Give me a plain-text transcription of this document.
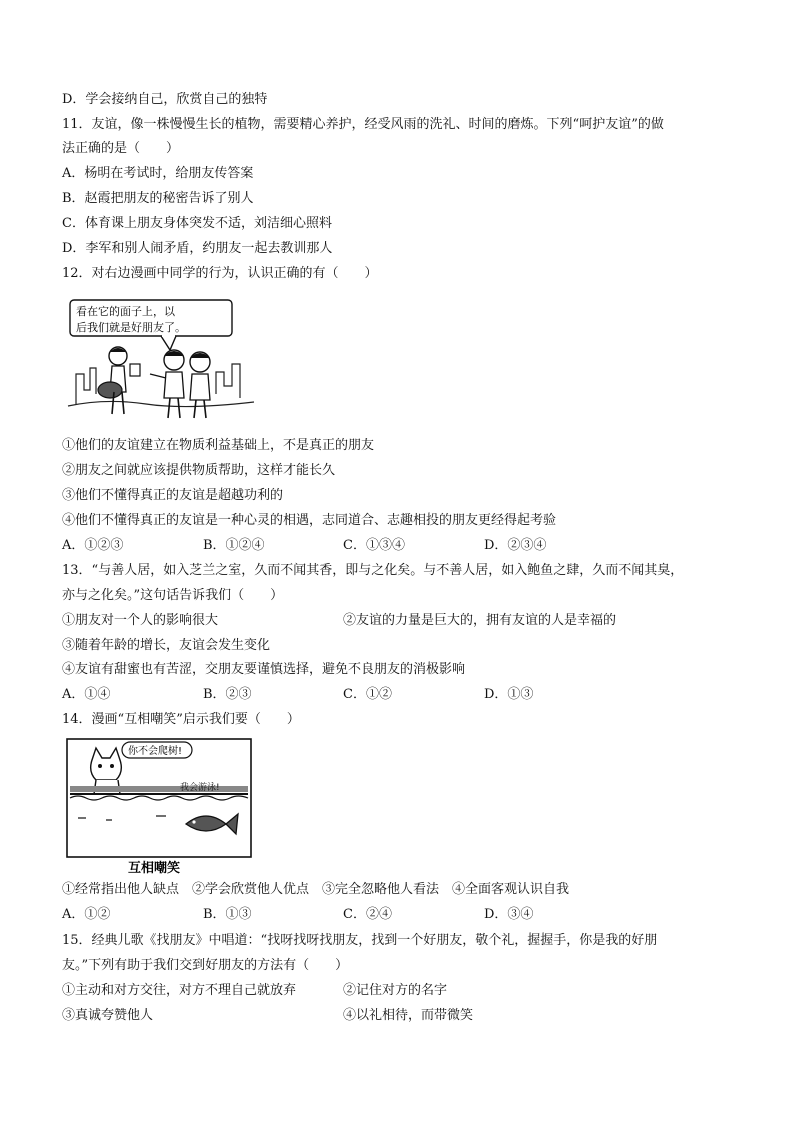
D．学会接纳自己，欣赏自己的独特
11．友谊，像一株慢慢生长的植物，需要精心养护，经受风雨的洗礼、时间的磨炼。下列“呵护友谊”的做
法正确的是（　　）
A．杨明在考试时，给朋友传答案
B．赵霞把朋友的秘密告诉了别人
C．体育课上朋友身体突发不适，刘洁细心照料
D．李军和别人闹矛盾，约朋友一起去教训那人
12．对右边漫画中同学的行为，认识正确的有（　　）
看在它的面子上，以
后我们就是好朋友了。
①他们的友谊建立在物质利益基础上，不是真正的朋友
②朋友之间就应该提供物质帮助，这样才能长久
③他们不懂得真正的友谊是超越功利的
④他们不懂得真正的友谊是一种心灵的相遇，志同道合、志趣相投的朋友更经得起考验
A．①②③	B．①②④	C．①③④	D．②③④
13．“与善人居，如入芝兰之室，久而不闻其香，即与之化矣。与不善人居，如入鲍鱼之肆，久而不闻其臭，
亦与之化矣。”这句话告诉我们（　　）
①朋友对一个人的影响很大	②友谊的力量是巨大的，拥有友谊的人是幸福的
③随着年龄的增长，友谊会发生变化
④友谊有甜蜜也有苦涩，交朋友要谨慎选择，避免不良朋友的消极影响
A．①④	B．②③	C．①②	D．①③
14．漫画“互相嘲笑”启示我们要（　　）
你不会爬树!
我会游泳!
互相嘲笑
①经常指出他人缺点　②学会欣赏他人优点　③完全忽略他人看法　④全面客观认识自我
A．①②	B．①③	C．②④	D．③④
15．经典儿歌《找朋友》中唱道：“找呀找呀找朋友，找到一个好朋友，敬个礼，握握手，你是我的好朋
友。”下列有助于我们交到好朋友的方法有（　　）
①主动和对方交往，对方不理自己就放弃	②记住对方的名字
③真诚夸赞他人	④以礼相待，而带微笑
